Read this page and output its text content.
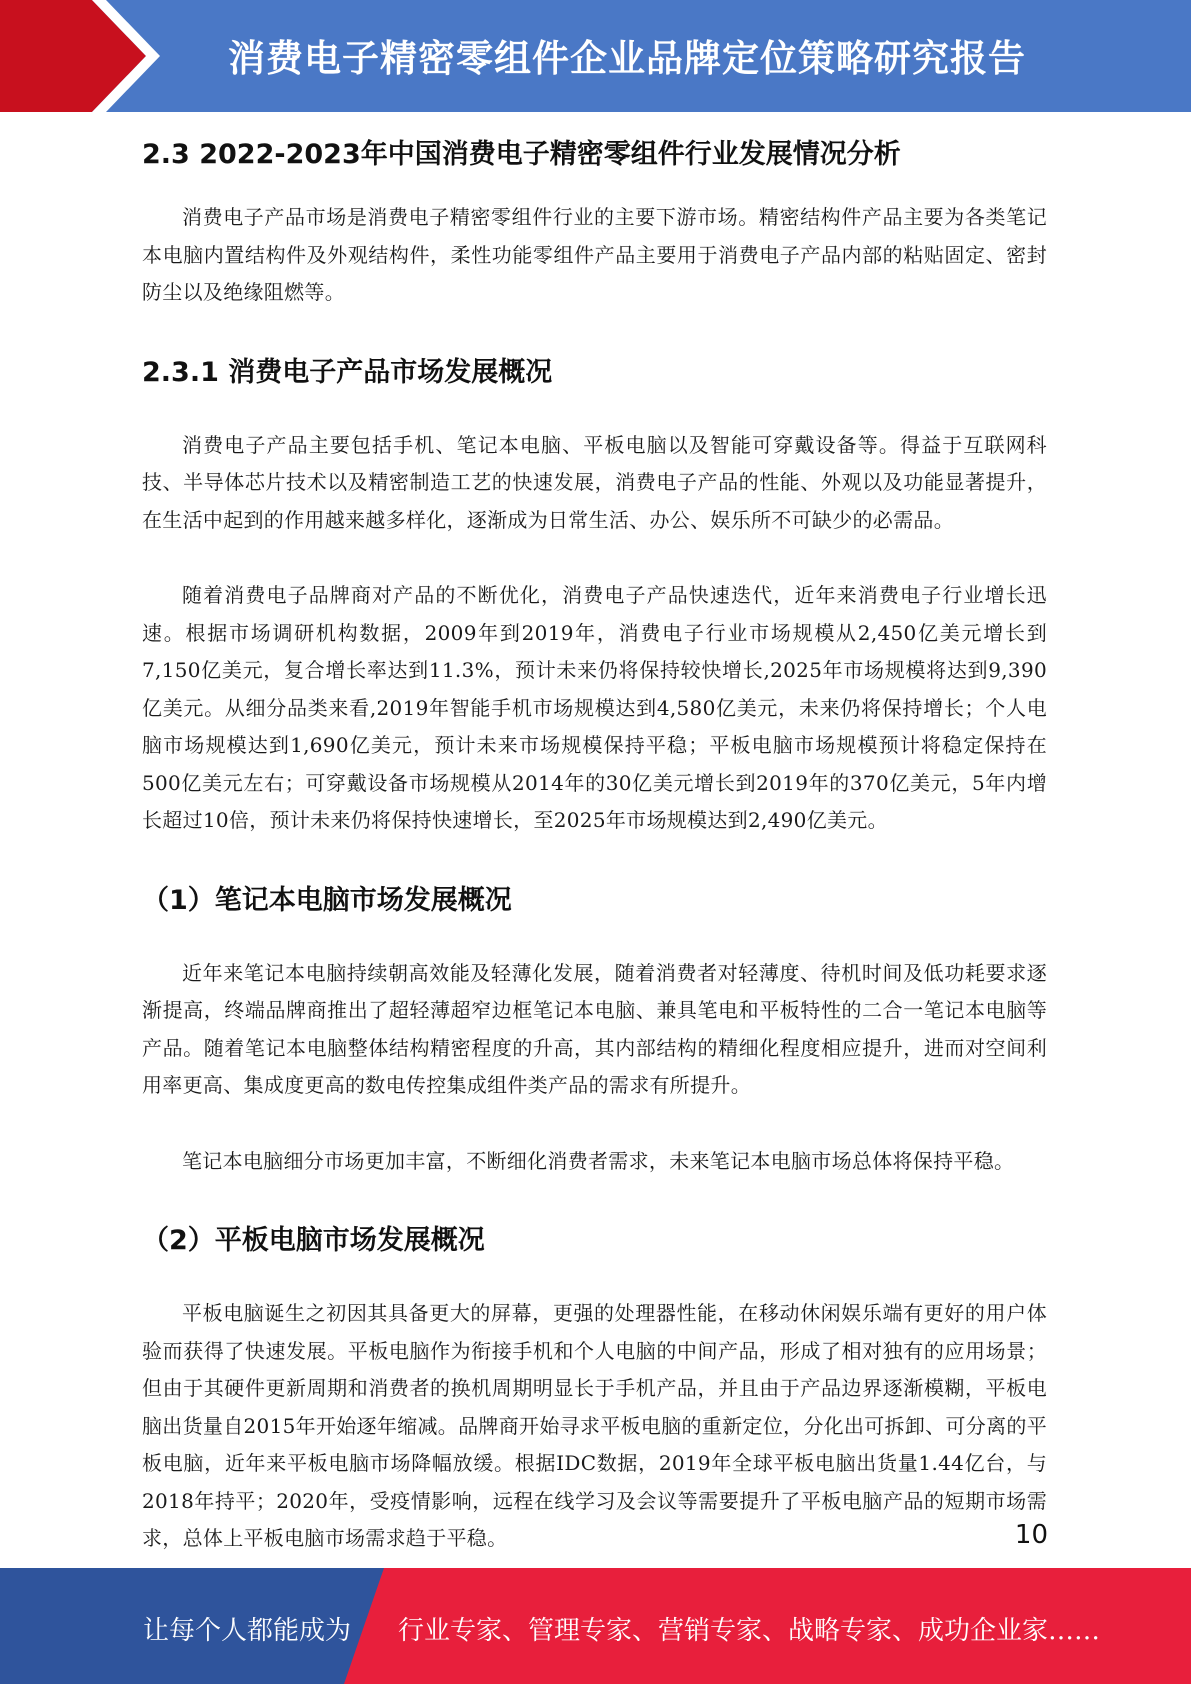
消费电子精密零组件企业品牌定位策略研究报告
2.3 2022-2023年中国消费电子精密零组件行业发展情况分析

消费电子产品市场是消费电子精密零组件行业的主要下游市场。精密结构件产品主要为各类笔记本电脑内置结构件及外观结构件，柔性功能零组件产品主要用于消费电子产品内部的粘贴固定、密封防尘以及绝缘阻燃等。

2.3.1 消费电子产品市场发展概况

消费电子产品主要包括手机、笔记本电脑、平板电脑以及智能可穿戴设备等。得益于互联网科技、半导体芯片技术以及精密制造工艺的快速发展，消费电子产品的性能、外观以及功能显著提升，在生活中起到的作用越来越多样化，逐渐成为日常生活、办公、娱乐所不可缺少的必需品。

随着消费电子品牌商对产品的不断优化，消费电子产品快速迭代，近年来消费电子行业增长迅速。根据市场调研机构数据，2009年到2019年，消费电子行业市场规模从2,450亿美元增长到7,150亿美元，复合增长率达到11.3%，预计未来仍将保持较快增长,2025年市场规模将达到9,390亿美元。从细分品类来看,2019年智能手机市场规模达到4,580亿美元，未来仍将保持增长；个人电脑市场规模达到1,690亿美元，预计未来市场规模保持平稳；平板电脑市场规模预计将稳定保持在500亿美元左右；可穿戴设备市场规模从2014年的30亿美元增长到2019年的370亿美元，5年内增长超过10倍，预计未来仍将保持快速增长，至2025年市场规模达到2,490亿美元。

（1）笔记本电脑市场发展概况

近年来笔记本电脑持续朝高效能及轻薄化发展，随着消费者对轻薄度、待机时间及低功耗要求逐渐提高，终端品牌商推出了超轻薄超窄边框笔记本电脑、兼具笔电和平板特性的二合一笔记本电脑等产品。随着笔记本电脑整体结构精密程度的升高，其内部结构的精细化程度相应提升，进而对空间利用率更高、集成度更高的数电传控集成组件类产品的需求有所提升。

笔记本电脑细分市场更加丰富，不断细化消费者需求，未来笔记本电脑市场总体将保持平稳。

（2）平板电脑市场发展概况

平板电脑诞生之初因其具备更大的屏幕，更强的处理器性能，在移动休闲娱乐端有更好的用户体验而获得了快速发展。平板电脑作为衔接手机和个人电脑的中间产品，形成了相对独有的应用场景；但由于其硬件更新周期和消费者的换机周期明显长于手机产品，并且由于产品边界逐渐模糊，平板电脑出货量自2015年开始逐年缩减。品牌商开始寻求平板电脑的重新定位，分化出可拆卸、可分离的平板电脑，近年来平板电脑市场降幅放缓。根据IDC数据，2019年全球平板电脑出货量1.44亿台，与2018年持平；2020年，受疫情影响，远程在线学习及会议等需要提升了平板电脑产品的短期市场需求，总体上平板电脑市场需求趋于平稳。	10
让每个人都能成为 行业专家、管理专家、营销专家、战略专家、成功企业家……
